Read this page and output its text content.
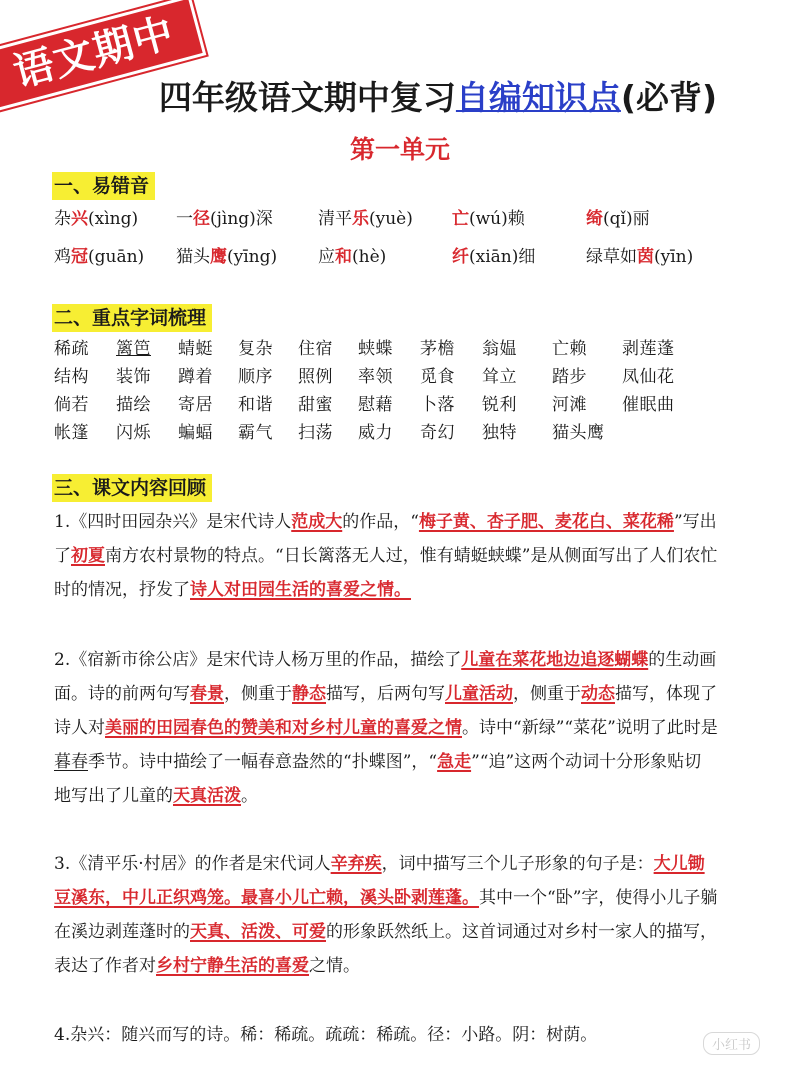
语文期中
四年级语文期中复习自编知识点(必背)
第一单元
一、易错音
杂兴(xìng) 一径(jìng)深	清平乐(yuè) 亡(wú)赖	绮(qǐ)丽
鸡冠(guān) 猫头鹰(yīng) 应和(hè)	纤(xiān)细	绿草如茵(yīn)
二、重点字词梳理
稀疏 篱笆 蜻蜓 复杂 住宿 蛱蝶 茅檐 翁媪 亡赖 剥莲蓬
结构 装饰 蹲着 顺序 照例 率领 觅食 耸立 踏步 凤仙花
倘若 描绘 寄居 和谐 甜蜜 慰藉 卜落 锐利 河滩 催眠曲
帐篷 闪烁 蝙蝠 霸气 扫荡 威力 奇幻 独特 猫头鹰
三、课文内容回顾
1.《四时田园杂兴》是宋代诗人范成大的作品，“梅子黄、杏子肥、麦花白、菜花稀”写出了初夏南方农村景物的特点。“日长篱落无人过，惟有蜻蜓蛱蝶”是从侧面写出了人们农忙时的情况，抒发了诗人对田园生活的喜爱之情。
2.《宿新市徐公店》是宋代诗人杨万里的作品，描绘了儿童在菜花地边追逐蝴蝶的生动画面。诗的前两句写春景，侧重于静态描写，后两句写儿童活动，侧重于动态描写，体现了诗人对美丽的田园春色的赞美和对乡村儿童的喜爱之情。诗中“新绿”“菜花”说明了此时是暮春季节。诗中描绘了一幅春意盎然的“扑蝶图”，“急走”“追”这两个动词十分形象贴切地写出了儿童的天真活泼。
3.《清平乐·村居》的作者是宋代词人辛弃疾，词中描写三个儿子形象的句子是：大儿锄豆溪东，中儿正织鸡笼。最喜小儿亡赖，溪头卧剥莲蓬。其中一个“卧”字，使得小儿子躺在溪边剥莲蓬时的天真、活泼、可爱的形象跃然纸上。这首词通过对乡村一家人的描写，表达了作者对乡村宁静生活的喜爱之情。
4.杂兴：随兴而写的诗。稀：稀疏。疏疏：稀疏。径：小路。阴：树荫。
小红书
